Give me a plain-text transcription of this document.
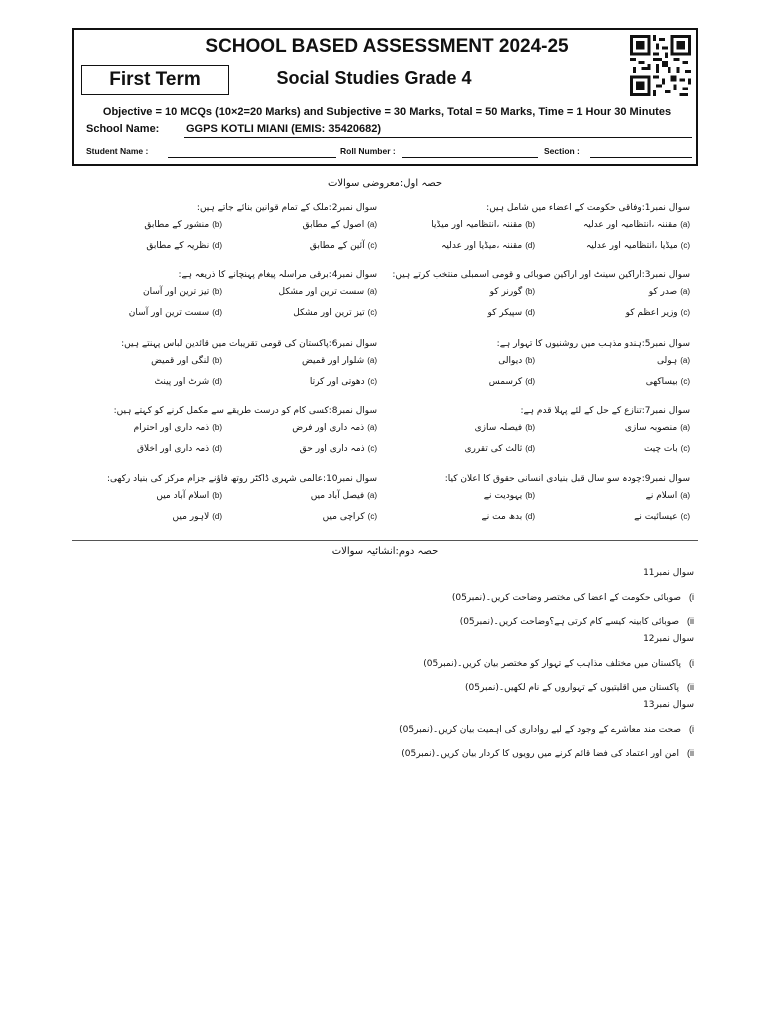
SCHOOL BASED ASSESSMENT 2024-25
First Term	Social Studies Grade 4
Objective = 10 MCQs (10×2=20 Marks) and Subjective = 30 Marks, Total = 50 Marks, Time = 1 Hour 30 Minutes
School Name: GGPS KOTLI MIANI (EMIS: 35420682)
Student Name :	Roll Number :	Section :
حصہ اول:معروضی سوالات
سوال نمبر1:وفاقی حکومت کے اعضاء میں شامل ہیں:
(a)مقننہ ،انتظامیہ اور عدلیہ
(b)مقننہ ،انتظامیہ اور میڈیا
(c)میڈیا ،انتظامیہ اور عدلیہ
(d)مقننہ ،میڈیا اور عدلیہ
سوال نمبر2:ملک کے تمام قوانین بنائے جاتے ہیں:
(a)اصول کے مطابق
(b)منشور کے مطابق
(c)آئین کے مطابق
(d)نظریہ کے مطابق
سوال نمبر3:اراکین سینٹ اور اراکین صوبائی و قومی اسمبلی منتخب کرتے ہیں:
(a)صدر کو
(b)گورنر کو
(c)وزیر اعظم کو
(d)سپیکر کو
سوال نمبر4:برقی مراسلہ پیغام پہنچانے کا ذریعہ ہے:
(a)سست ترین اور مشکل
(b)تیز ترین اور آسان
(c)تیز ترین اور مشکل
(d)سست ترین اور آسان
سوال نمبر5:ہندو مذہب میں روشنیوں کا تہوار ہے:
(a)ہولی
(b)دیوالی
(c)بیساکھی
(d)کرسمس
سوال نمبر6:پاکستان کی قومی تقریبات میں قائدین لباس پہنتے ہیں:
(a)شلوار اور قمیض
(b)لنگی اور قمیض
(c)دھوتی اور کرتا
(d)شرٹ اور پینٹ
سوال نمبر7:تنازع کے حل کے لئے پہلا قدم ہے:
(a)منصوبہ سازی
(b)فیصلہ سازی
(c)بات چیت
(d)ثالث کی تقرری
سوال نمبر8:کسی کام کو درست طریقے سے مکمل کرنے کو کہتے ہیں:
(a)ذمہ داری اور فرض
(b)ذمہ داری اور احترام
(c)ذمہ داری اور حق
(d)ذمہ داری اور اخلاق
سوال نمبر9:چودہ سو سال قبل بنیادی انسانی حقوق کا اعلان کیا:
(a)اسلام نے
(b)یہودیت نے
(c)عیسائیت نے
(d)بدھ مت نے
سوال نمبر10:عالمی شہری ڈاکٹر روتھ فاؤنے جزام مرکز کی بنیاد رکھی:
(a)فیصل آباد میں
(b)اسلام آباد میں
(c)کراچی میں
(d)لاہور میں
حصہ دوم:انشائیہ سوالات
سوال نمبر11
i)صوبائی حکومت کے اعضا کی مختصر وضاحت کریں۔(نمبر05)
ii)صوبائی کابینہ کیسے کام کرتی ہے؟وضاحت کریں۔(نمبر05)
سوال نمبر12
i)پاکستان میں مختلف مذاہب کے تہوار کو مختصر بیان کریں۔(نمبر05)
ii)پاکستان میں اقلیتیوں کے تہواروں کے نام لکھیں۔(نمبر05)
سوال نمبر13
i)صحت مند معاشرے کے وجود کے لیے رواداری کی اہمیت بیان کریں۔(نمبر05)
ii)امن اور اعتماد کی فضا قائم کرنے میں رویوں کا کردار بیان کریں۔(نمبر05)
